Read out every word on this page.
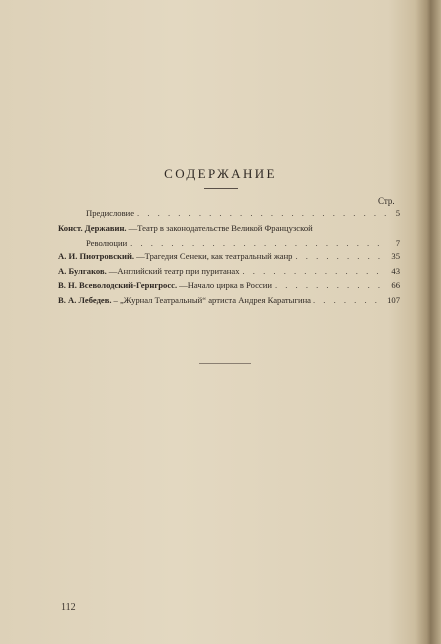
СОДЕРЖАНИЕ
Стр.
Предисловие . . .	5
Конст. Державин. —Театр в законодательстве Великой Французской
Революции . . .	7
А. И. Пиотровский. —Трагедия Сенеки, как театральный жанр . . .	35
А. Булгаков. —Английский театр при пуританах . . .	43
В. Н. Всеволодский-Гернгросс. —Начало цирка в России . . .	66
В. А. Лебедев. – „Журнал Театральный“ артиста Андрея Каратыгина . . .	107
112
